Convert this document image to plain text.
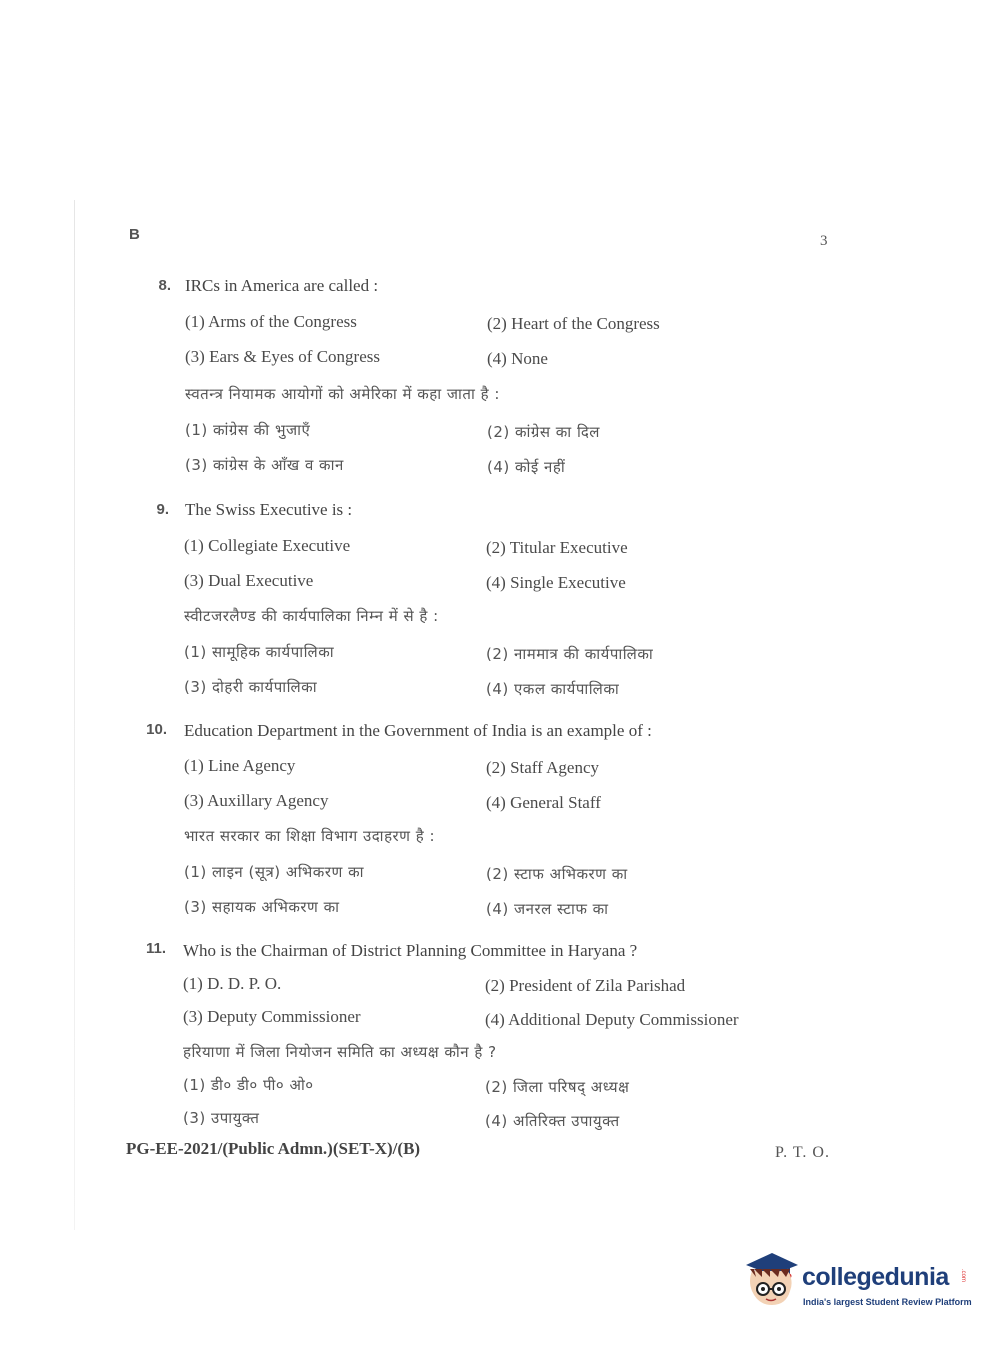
B	3
8. IRCs in America are called :
(1) Arms of the Congress	(2) Heart of the Congress
(3) Ears & Eyes of Congress	(4) None
स्वतन्त्र नियामक आयोगों को अमेरिका में कहा जाता है :
(1) कांग्रेस की भुजाएँ	(2) कांग्रेस का दिल
(3) कांग्रेस के आँख व कान	(4) कोई नहीं
9. The Swiss Executive is :
(1) Collegiate Executive	(2) Titular Executive
(3) Dual Executive	(4) Single Executive
स्वीटजरलैण्ड की कार्यपालिका निम्न में से है :
(1) सामूहिक कार्यपालिका	(2) नाममात्र की कार्यपालिका
(3) दोहरी कार्यपालिका	(4) एकल कार्यपालिका
10. Education Department in the Government of India is an example of :
(1) Line Agency	(2) Staff Agency
(3) Auxillary Agency	(4) General Staff
भारत सरकार का शिक्षा विभाग उदाहरण है :
(1) लाइन (सूत्र) अभिकरण का	(2) स्टाफ अभिकरण का
(3) सहायक अभिकरण का	(4) जनरल स्टाफ का
11. Who is the Chairman of District Planning Committee in Haryana ?
(1) D. D. P. O.	(2) President of Zila Parishad
(3) Deputy Commissioner	(4) Additional Deputy Commissioner
हरियाणा में जिला नियोजन समिति का अध्यक्ष कौन है ?
(1) डी० डी० पी० ओ०	(2) जिला परिषद् अध्यक्ष
(3) उपायुक्त	(4) अतिरिक्त उपायुक्त
PG-EE-2021/(Public Admn.)(SET-X)/(B)	P. T. O.
collegedunia .com
India's largest Student Review Platform
